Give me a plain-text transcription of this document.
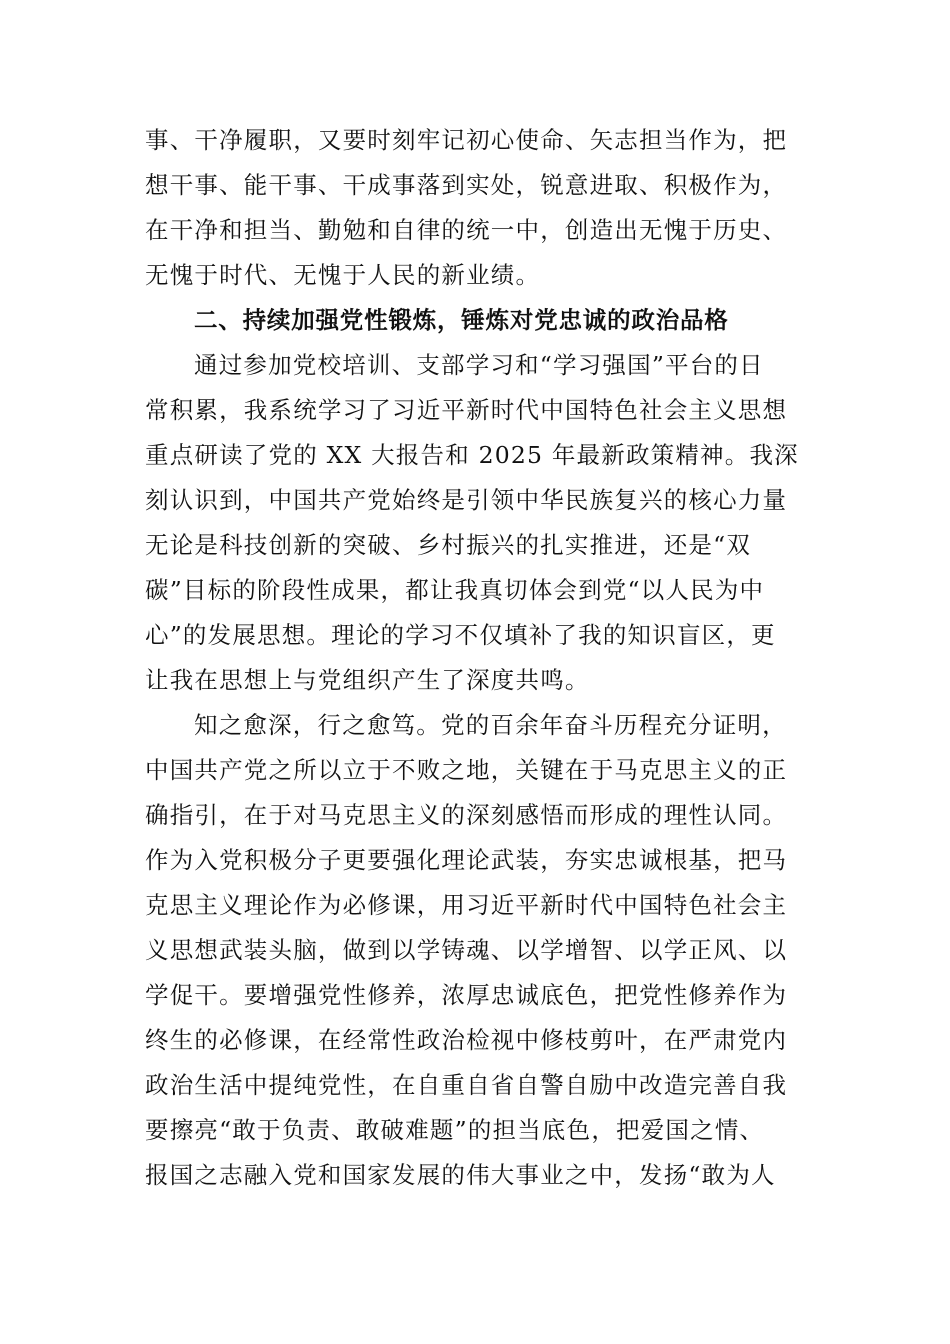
事、干净履职，又要时刻牢记初心使命、矢志担当作为，把
想干事、能干事、干成事落到实处，锐意进取、积极作为，
在干净和担当、勤勉和自律的统一中，创造出无愧于历史、
无愧于时代、无愧于人民的新业绩。
二、持续加强党性锻炼，锤炼对党忠诚的政治品格
通过参加党校培训、支部学习和“学习强国”平台的日
常积累，我系统学习了习近平新时代中国特色社会主义思想
重点研读了党的 XX 大报告和 2025 年最新政策精神。我深
刻认识到，中国共产党始终是引领中华民族复兴的核心力量
无论是科技创新的突破、乡村振兴的扎实推进，还是“双
碳”目标的阶段性成果，都让我真切体会到党“以人民为中
心”的发展思想。理论的学习不仅填补了我的知识盲区，更
让我在思想上与党组织产生了深度共鸣。
知之愈深，行之愈笃。党的百余年奋斗历程充分证明，
中国共产党之所以立于不败之地，关键在于马克思主义的正
确指引，在于对马克思主义的深刻感悟而形成的理性认同。
作为入党积极分子更要强化理论武装，夯实忠诚根基，把马
克思主义理论作为必修课，用习近平新时代中国特色社会主
义思想武装头脑，做到以学铸魂、以学增智、以学正风、以
学促干。要增强党性修养，浓厚忠诚底色，把党性修养作为
终生的必修课，在经常性政治检视中修枝剪叶，在严肃党内
政治生活中提纯党性，在自重自省自警自励中改造完善自我
要擦亮“敢于负责、敢破难题”的担当底色，把爱国之情、
报国之志融入党和国家发展的伟大事业之中，发扬“敢为人
